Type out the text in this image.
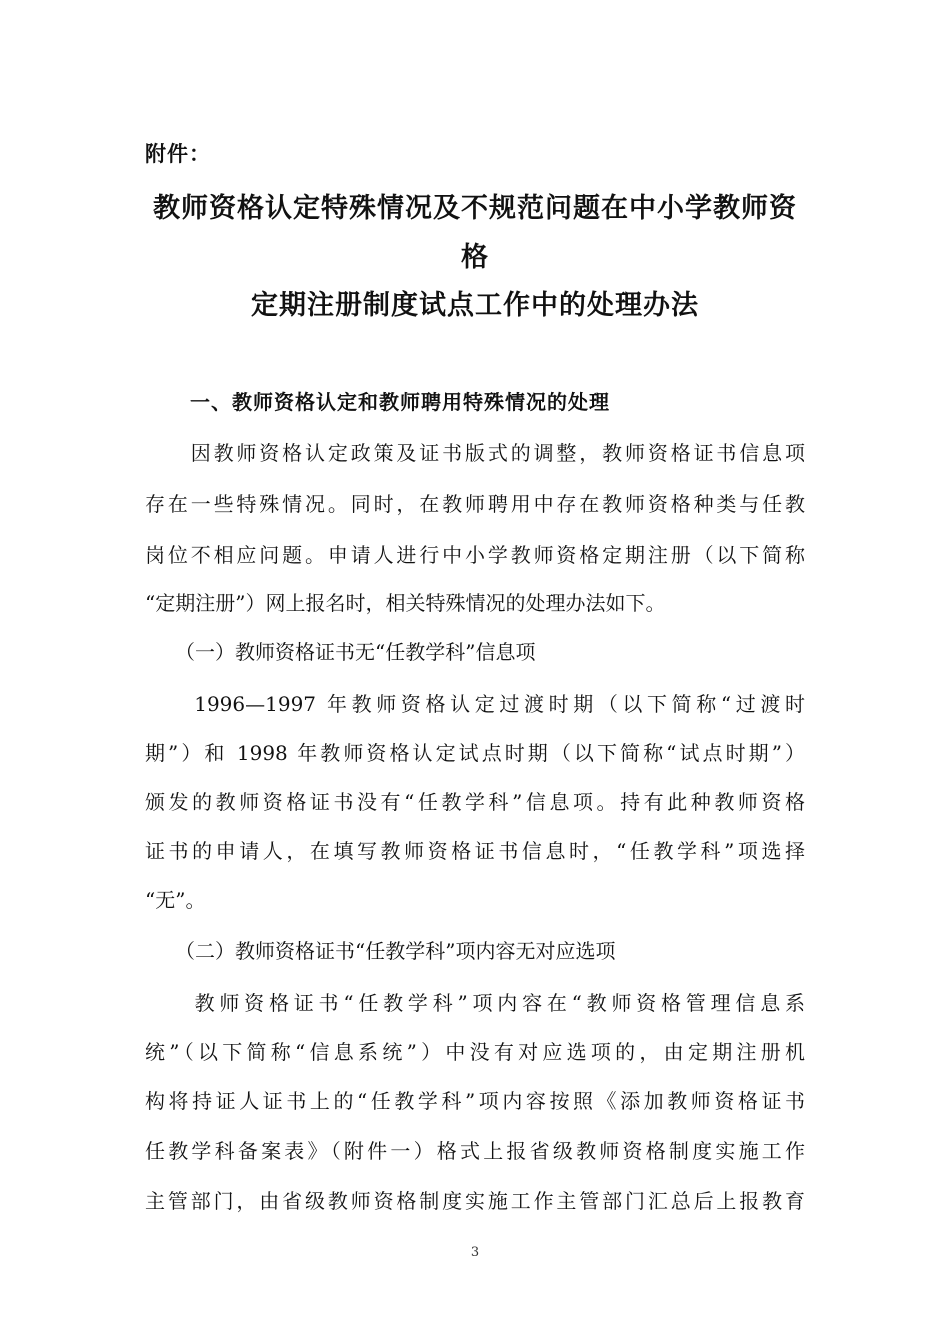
附件：
教师资格认定特殊情况及不规范问题在中小学教师资
格
定期注册制度试点工作中的处理办法
一、教师资格认定和教师聘用特殊情况的处理
　　因教师资格认定政策及证书版式的调整，教师资格证书信息项
存在一些特殊情况。同时，在教师聘用中存在教师资格种类与任教
岗位不相应问题。申请人进行中小学教师资格定期注册（以下简称
“定期注册”）网上报名时，相关特殊情况的处理办法如下。
　　（一）教师资格证书无“任教学科”信息项
　　1996—1997 年教师资格认定过渡时期（以下简称“过渡时
期”）和 1998 年教师资格认定试点时期（以下简称“试点时期”）
颁发的教师资格证书没有“任教学科”信息项。持有此种教师资格
证书的申请人，在填写教师资格证书信息时，“任教学科”项选择
“无”。
　　（二）教师资格证书“任教学科”项内容无对应选项
　　教师资格证书“任教学科”项内容在“教师资格管理信息系
统”（以下简称“信息系统”）中没有对应选项的，由定期注册机
构将持证人证书上的“任教学科”项内容按照《添加教师资格证书
任教学科备案表》（附件一）格式上报省级教师资格制度实施工作
主管部门，由省级教师资格制度实施工作主管部门汇总后上报教育
3
